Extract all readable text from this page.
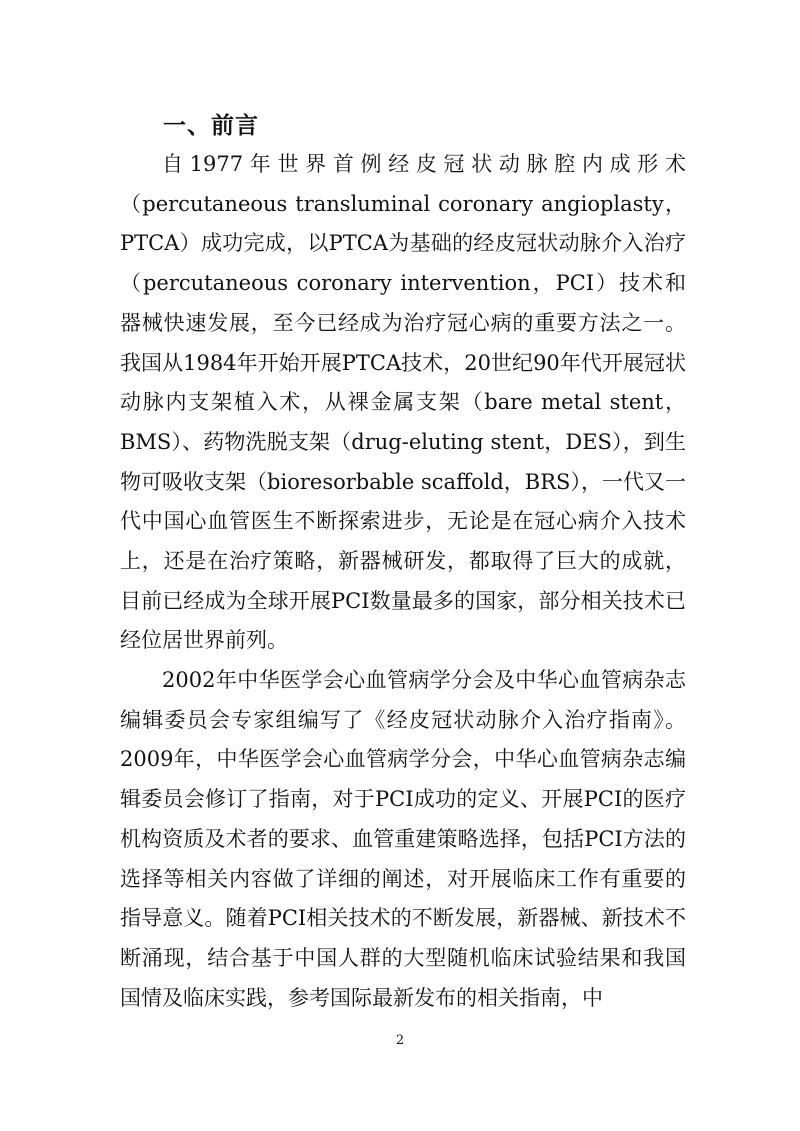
一、前言

自1977年世界首例经皮冠状动脉腔内成形术（percutaneous transluminal coronary angioplasty，PTCA）成功完成，以PTCA为基础的经皮冠状动脉介入治疗（percutaneous coronary intervention，PCI）技术和器械快速发展，至今已经成为治疗冠心病的重要方法之一。我国从1984年开始开展PTCA技术，20世纪90年代开展冠状动脉内支架植入术，从裸金属支架（bare metal stent，BMS）、药物洗脱支架（drug-eluting stent，DES），到生物可吸收支架（bioresorbable scaffold，BRS），一代又一代中国心血管医生不断探索进步，无论是在冠心病介入技术上，还是在治疗策略，新器械研发，都取得了巨大的成就，目前已经成为全球开展PCI数量最多的国家，部分相关技术已经位居世界前列。

2002年中华医学会心血管病学分会及中华心血管病杂志编辑委员会专家组编写了《经皮冠状动脉介入治疗指南》。2009年，中华医学会心血管病学分会，中华心血管病杂志编辑委员会修订了指南，对于PCI成功的定义、开展PCI的医疗机构资质及术者的要求、血管重建策略选择，包括PCI方法的选择等相关内容做了详细的阐述，对开展临床工作有重要的指导意义。随着PCI相关技术的不断发展，新器械、新技术不断涌现，结合基于中国人群的大型随机临床试验结果和我国国情及临床实践，参考国际最新发布的相关指南，中

2
